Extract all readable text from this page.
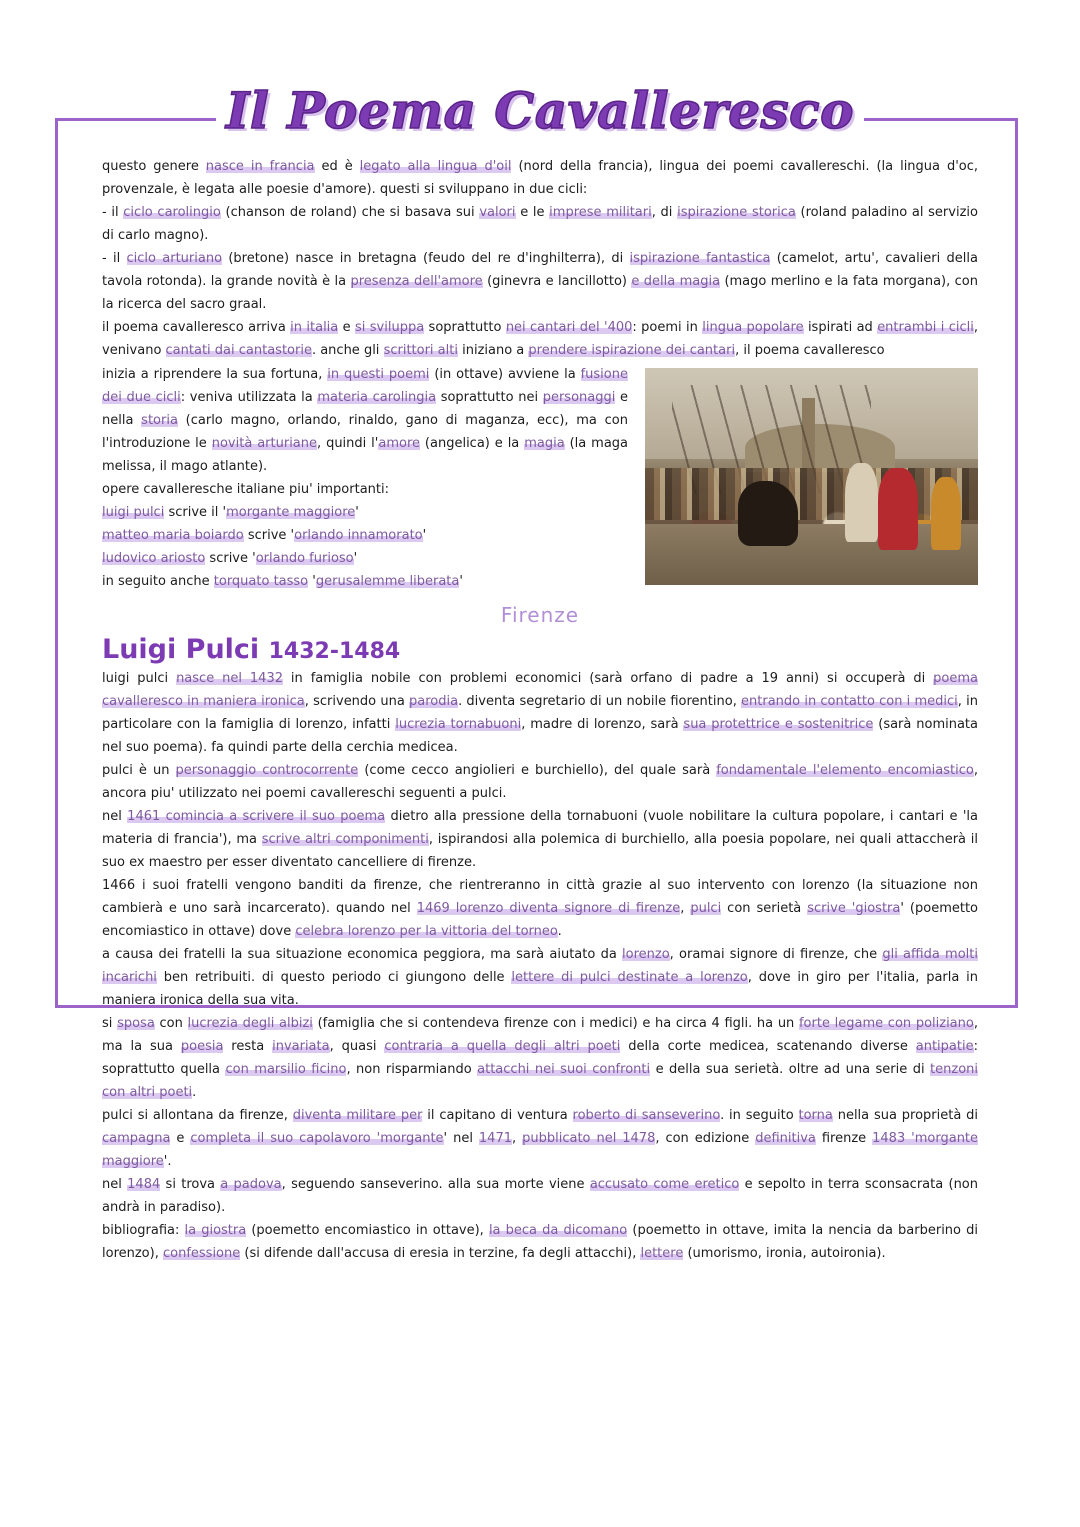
Il Poema Cavalleresco

questo genere nasce in francia ed è legato alla lingua d'oil (nord della francia), lingua dei poemi cavallereschi. (la lingua d'oc, provenzale, è legata alle poesie d'amore). questi si sviluppano in due cicli:

- il ciclo carolingio (chanson de roland) che si basava sui valori e le imprese militari, di ispirazione storica (roland paladino al servizio di carlo magno).

- il ciclo arturiano (bretone) nasce in bretagna (feudo del re d'inghilterra), di ispirazione fantastica (camelot, artu', cavalieri della tavola rotonda). la grande novità è la presenza dell'amore (ginevra e lancillotto) e della magia (mago merlino e la fata morgana), con la ricerca del sacro graal.

il poema cavalleresco arriva in italia e si sviluppa soprattutto nei cantari del '400: poemi in lingua popolare ispirati ad entrambi i cicli, venivano cantati dai cantastorie. anche gli scrittori alti iniziano a prendere ispirazione dei cantari, il poema cavalleresco

inizia a riprendere la sua fortuna, in questi poemi (in ottave) avviene la fusione dei due cicli: veniva utilizzata la materia carolingia soprattutto nei personaggi e nella storia (carlo magno, orlando, rinaldo, gano di maganza, ecc), ma con l'introduzione le novità arturiane, quindi l'amore (angelica) e la magia (la maga melissa, il mago atlante).

opere cavalleresche italiane piu' importanti:

luigi pulci scrive il 'morgante maggiore'

matteo maria boiardo scrive 'orlando innamorato'

ludovico ariosto scrive 'orlando furioso'

in seguito anche torquato tasso 'gerusalemme liberata'

Firenze
Luigi Pulci 1432-1484

luigi pulci nasce nel 1432 in famiglia nobile con problemi economici (sarà orfano di padre a 19 anni) si occuperà di poema cavalleresco in maniera ironica, scrivendo una parodia. diventa segretario di un nobile fiorentino, entrando in contatto con i medici, in particolare con la famiglia di lorenzo, infatti lucrezia tornabuoni, madre di lorenzo, sarà sua protettrice e sostenitrice (sarà nominata nel suo poema). fa quindi parte della cerchia medicea.

pulci è un personaggio controcorrente (come cecco angiolieri e burchiello), del quale sarà fondamentale l'elemento encomiastico, ancora piu' utilizzato nei poemi cavallereschi seguenti a pulci.

nel 1461 comincia a scrivere il suo poema dietro alla pressione della tornabuoni (vuole nobilitare la cultura popolare, i cantari e 'la materia di francia'), ma scrive altri componimenti, ispirandosi alla polemica di burchiello, alla poesia popolare, nei quali attaccherà il suo ex maestro per esser diventato cancelliere di firenze.

1466 i suoi fratelli vengono banditi da firenze, che rientreranno in città grazie al suo intervento con lorenzo (la situazione non cambierà e uno sarà incarcerato). quando nel 1469 lorenzo diventa signore di firenze, pulci con serietà scrive 'giostra' (poemetto encomiastico in ottave) dove celebra lorenzo per la vittoria del torneo.

a causa dei fratelli la sua situazione economica peggiora, ma sarà aiutato da lorenzo, oramai signore di firenze, che gli affida molti incarichi ben retribuiti. di questo periodo ci giungono delle lettere di pulci destinate a lorenzo, dove in giro per l'italia, parla in maniera ironica della sua vita.

si sposa con lucrezia degli albizi (famiglia che si contendeva firenze con i medici) e ha circa 4 figli. ha un forte legame con poliziano, ma la sua poesia resta invariata, quasi contraria a quella degli altri poeti della corte medicea, scatenando diverse antipatie: soprattutto quella con marsilio ficino, non risparmiando attacchi nei suoi confronti e della sua serietà. oltre ad una serie di tenzoni con altri poeti.

pulci si allontana da firenze, diventa militare per il capitano di ventura roberto di sanseverino. in seguito torna nella sua proprietà di campagna e completa il suo capolavoro 'morgante' nel 1471, pubblicato nel 1478, con edizione definitiva firenze 1483 'morgante maggiore'.

nel 1484 si trova a padova, seguendo sanseverino. alla sua morte viene accusato come eretico e sepolto in terra sconsacrata (non andrà in paradiso).

bibliografia: la giostra (poemetto encomiastico in ottave), la beca da dicomano (poemetto in ottave, imita la nencia da barberino di lorenzo), confessione (si difende dall'accusa di eresia in terzine, fa degli attacchi), lettere (umorismo, ironia, autoironia).
